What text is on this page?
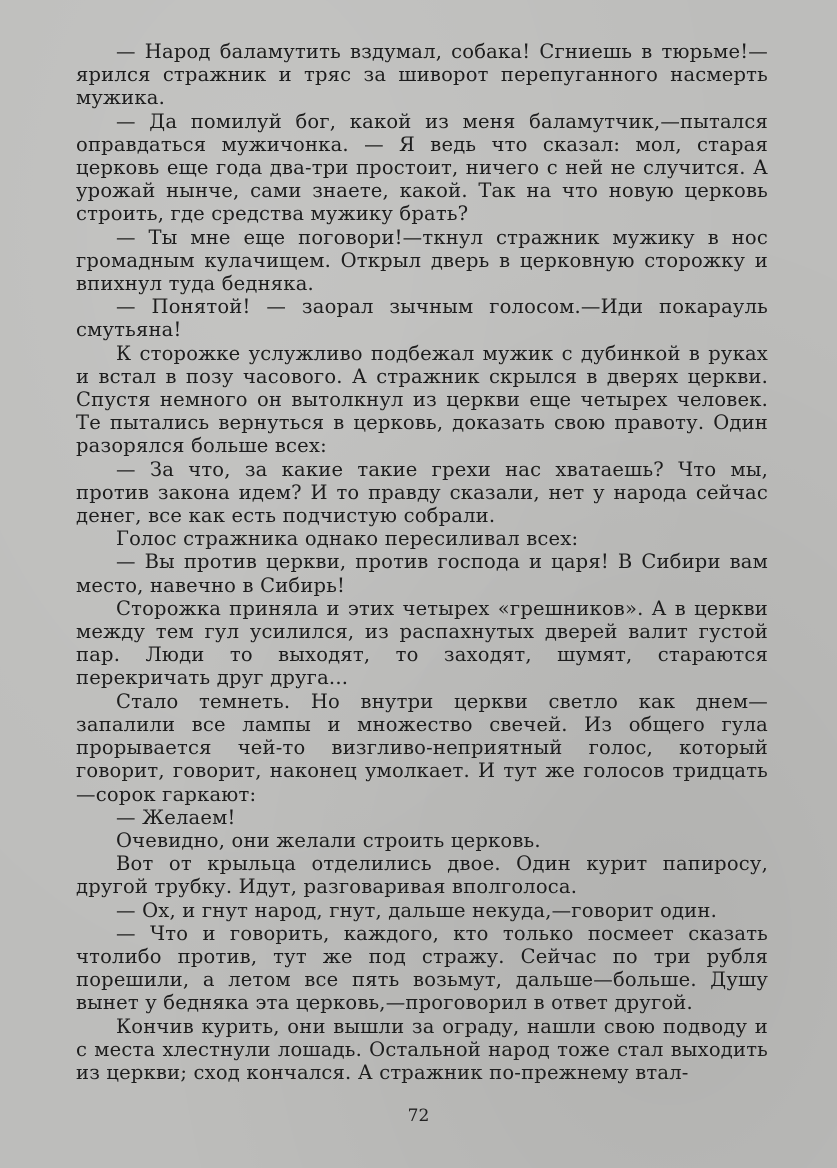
— Народ баламутить вздумал, собака! Сгниешь в тюрьме!— ярился стражник и тряс за шиворот перепуганного насмерть мужика.

— Да помилуй бог, какой из меня баламутчик,—пытался оправдаться мужичонка. — Я ведь что сказал: мол, старая церковь еще года два-три простоит, ничего с ней не случится. А урожай нынче, сами знаете, какой. Так на что новую церковь строить, где средства мужику брать?

— Ты мне еще поговори!—ткнул стражник мужику в нос громадным кулачищем. Открыл дверь в церковную сторожку и впихнул туда бедняка.

— Понятой! — заорал зычным голосом.—Иди покарауль смутьяна!

К сторожке услужливо подбежал мужик с дубинкой в руках и встал в позу часового. А стражник скрылся в дверях церкви. Спустя немного он вытолкнул из церкви еще четырех человек. Те пытались вернуться в церковь, доказать свою правоту. Один разорялся больше всех:

— За что, за какие такие грехи нас хватаешь? Что мы, против закона идем? И то правду сказали, нет у народа сейчас денег, все как есть подчистую собрали.

Голос стражника однако пересиливал всех:

— Вы против церкви, против господа и царя! В Сибири вам место, навечно в Сибирь!

Сторожка приняла и этих четырех «грешников». А в церкви между тем гул усилился, из распахнутых дверей валит густой пар. Люди то выходят, то заходят, шумят, стараются перекричать друг друга...

Стало темнеть. Но внутри церкви светло как днем—запалили все лампы и множество свечей. Из общего гула прорывается чей-то визгливо-неприятный голос, который говорит, говорит, наконец умолкает. И тут же голосов тридцать—сорок гаркают:

— Желаем!

Очевидно, они желали строить церковь.

Вот от крыльца отделились двое. Один курит папиросу, другой трубку. Идут, разговаривая вполголоса.

— Ох, и гнут народ, гнут, дальше некуда,—говорит один.

— Что и говорить, каждого, кто только посмеет сказать чтолибо против, тут же под стражу. Сейчас по три рубля порешили, а летом все пять возьмут, дальше—больше. Душу вынет у бедняка эта церковь,—проговорил в ответ другой.

Кончив курить, они вышли за ограду, нашли свою подводу и с места хлестнули лошадь. Остальной народ тоже стал выходить из церкви; сход кончался. А стражник по-прежнему втал-

72
